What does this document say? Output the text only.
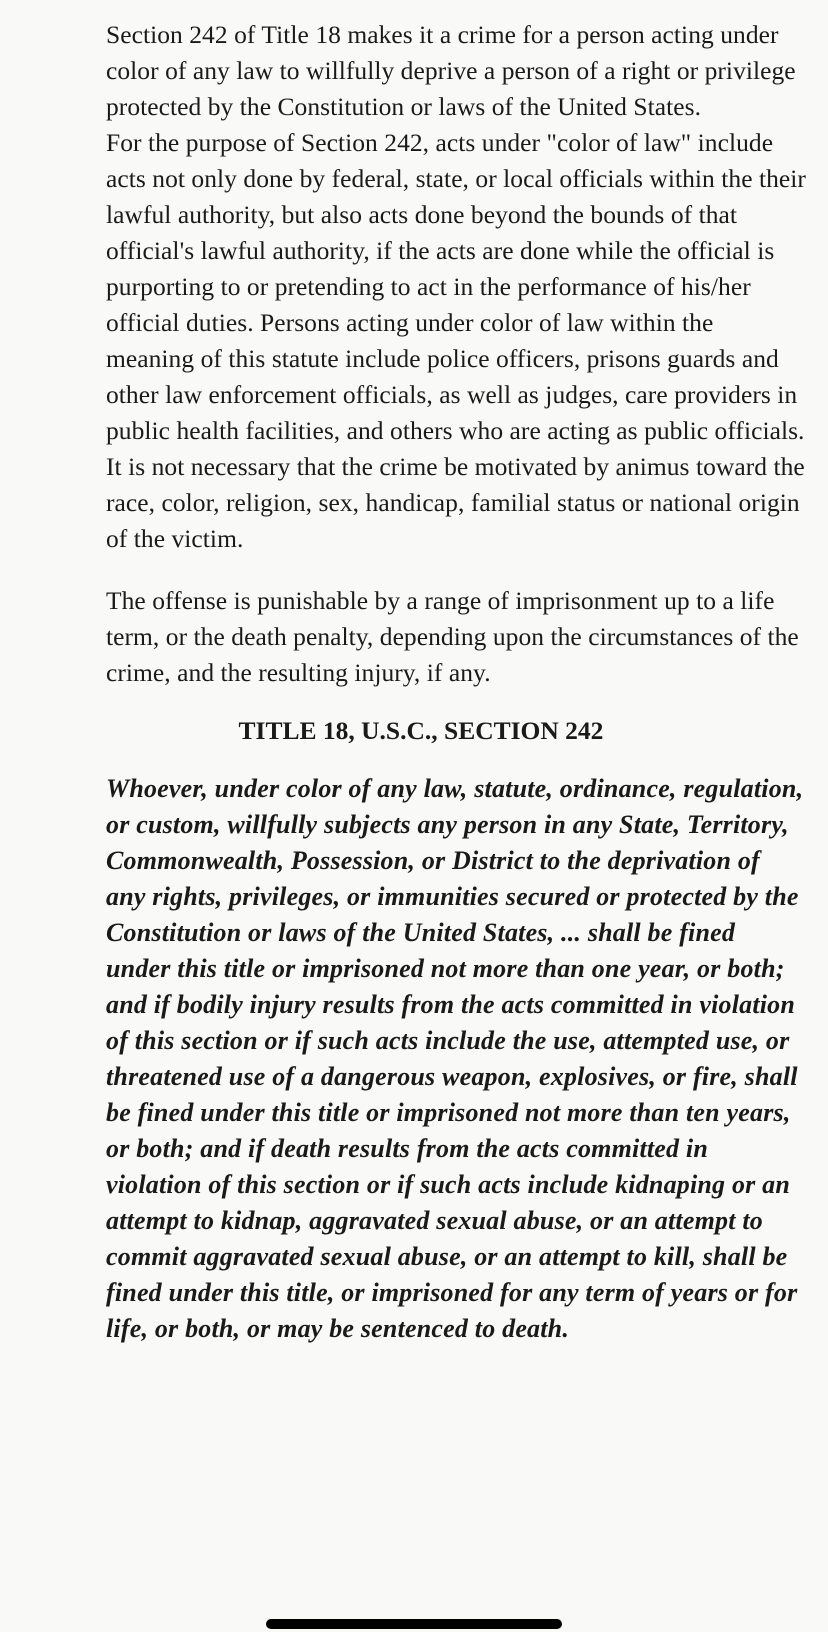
Section 242 of Title 18 makes it a crime for a person acting under color of any law to willfully deprive a person of a right or privilege protected by the Constitution or laws of the United States.

For the purpose of Section 242, acts under "color of law" include acts not only done by federal, state, or local officials within the their lawful authority, but also acts done beyond the bounds of that official's lawful authority, if the acts are done while the official is purporting to or pretending to act in the performance of his/her official duties. Persons acting under color of law within the meaning of this statute include police officers, prisons guards and other law enforcement officials, as well as judges, care providers in public health facilities, and others who are acting as public officials. It is not necessary that the crime be motivated by animus toward the race, color, religion, sex, handicap, familial status or national origin of the victim.

The offense is punishable by a range of imprisonment up to a life term, or the death penalty, depending upon the circumstances of the crime, and the resulting injury, if any.

TITLE 18, U.S.C., SECTION 242

Whoever, under color of any law, statute, ordinance, regulation, or custom, willfully subjects any person in any State, Territory, Commonwealth, Possession, or District to the deprivation of any rights, privileges, or immunities secured or protected by the Constitution or laws of the United States, ... shall be fined under this title or imprisoned not more than one year, or both; and if bodily injury results from the acts committed in violation of this section or if such acts include the use, attempted use, or threatened use of a dangerous weapon, explosives, or fire, shall be fined under this title or imprisoned not more than ten years, or both; and if death results from the acts committed in violation of this section or if such acts include kidnaping or an attempt to kidnap, aggravated sexual abuse, or an attempt to commit aggravated sexual abuse, or an attempt to kill, shall be fined under this title, or imprisoned for any term of years or for life, or both, or may be sentenced to death.
